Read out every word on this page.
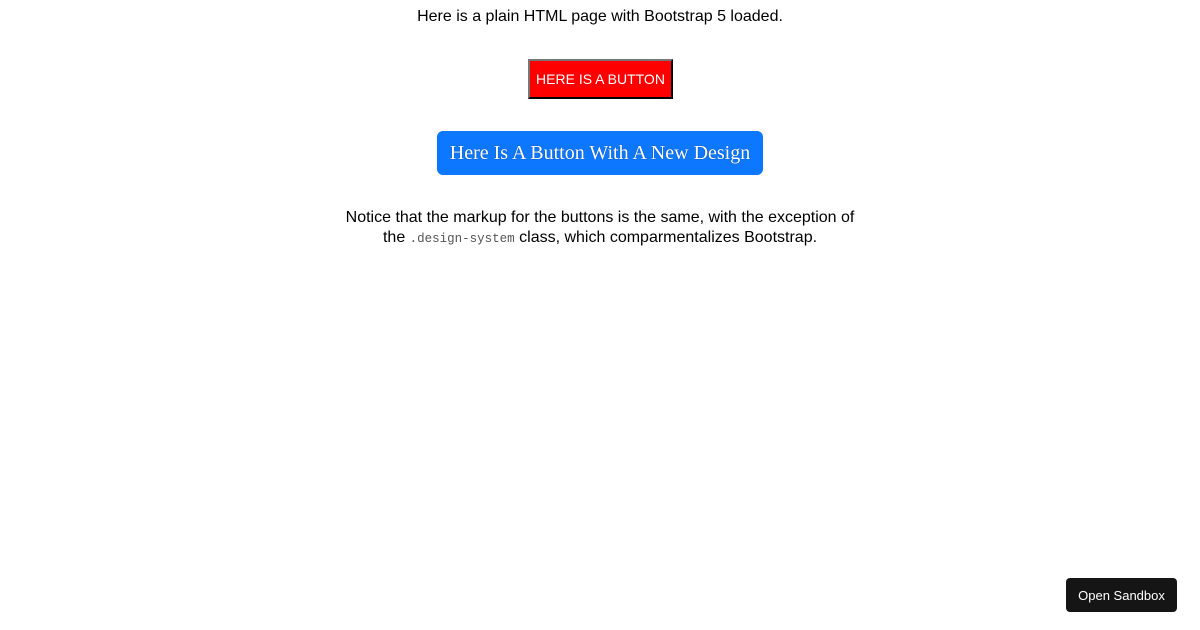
Here is a plain HTML page with Bootstrap 5 loaded.

HERE IS A BUTTON
Here Is A Button With A New Design

Notice that the markup for the buttons is the same, with the exception of the .design-system class, which comparmentalizes Bootstrap.

Open Sandbox
